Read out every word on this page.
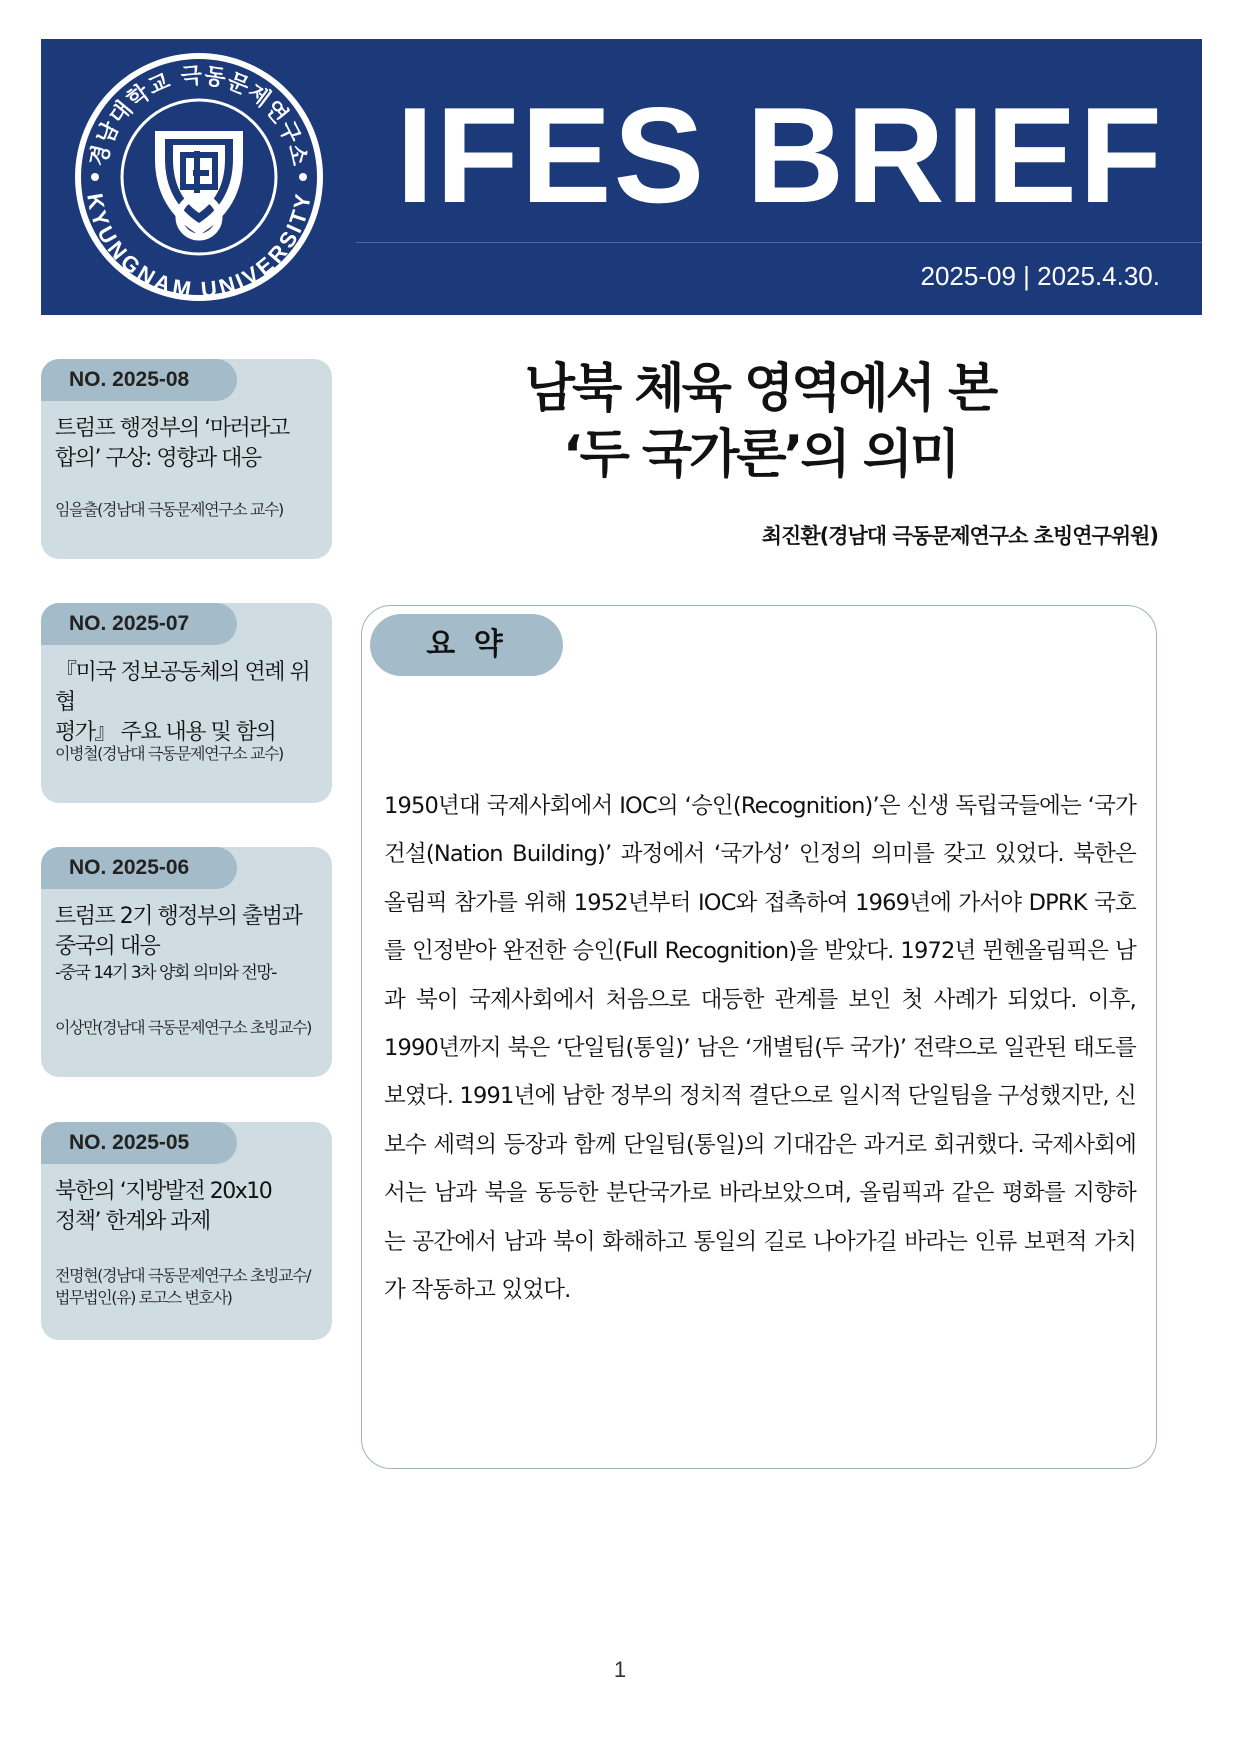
경남대학교 극동문제연구소
KYUNGNAM UNIVERSITY IFES BRIEF
2025-09 | 2025.4.30.
NO. 2025-08
트럼프 행정부의 ‘마러라고
합의’ 구상: 영향과 대응
임을출(경남대 극동문제연구소 교수)
NO. 2025-07
『미국 정보공동체의 연례 위협
평가』 주요 내용 및 함의
이병철(경남대 극동문제연구소 교수)
NO. 2025-06
트럼프 2기 행정부의 출범과
중국의 대응
-중국 14기 3차 양회 의미와 전망-
이상만(경남대 극동문제연구소 초빙교수)
NO. 2025-05
북한의 ‘지방발전 20x10
정책’ 한계와 과제
전명현(경남대 극동문제연구소 초빙교수/
법무법인(유) 로고스 변호사)
남북 체육 영역에서 본
‘두 국가론’의 의미
최진환(경남대 극동문제연구소 초빙연구위원)
요 약
1950년대 국제사회에서 IOC의 ‘승인(Recognition)’은 신생 독립국들에는 ‘국가 건설(Nation Building)’ 과정에서 ‘국가성’ 인정의 의미를 갖고 있었다. 북한은 올림픽 참가를 위해 1952년부터 IOC와 접촉하여 1969년에 가서야 DPRK 국호를 인정받아 완전한 승인(Full Recognition)을 받았다. 1972년 뮌헨올림픽은 남과 북이 국제사회에서 처음으로 대등한 관계를 보인 첫 사례가 되었다. 이후, 1990년까지 북은 ‘단일팀(통일)’ 남은 ‘개별팀(두 국가)’ 전략으로 일관된 태도를 보였다. 1991년에 남한 정부의 정치적 결단으로 일시적 단일팀을 구성했지만, 신보수 세력의 등장과 함께 단일팀(통일)의 기대감은 과거로 회귀했다. 국제사회에서는 남과 북을 동등한 분단국가로 바라보았으며, 올림픽과 같은 평화를 지향하는 공간에서 남과 북이 화해하고 통일의 길로 나아가길 바라는 인류 보편적 가치가 작동하고 있었다.
1
